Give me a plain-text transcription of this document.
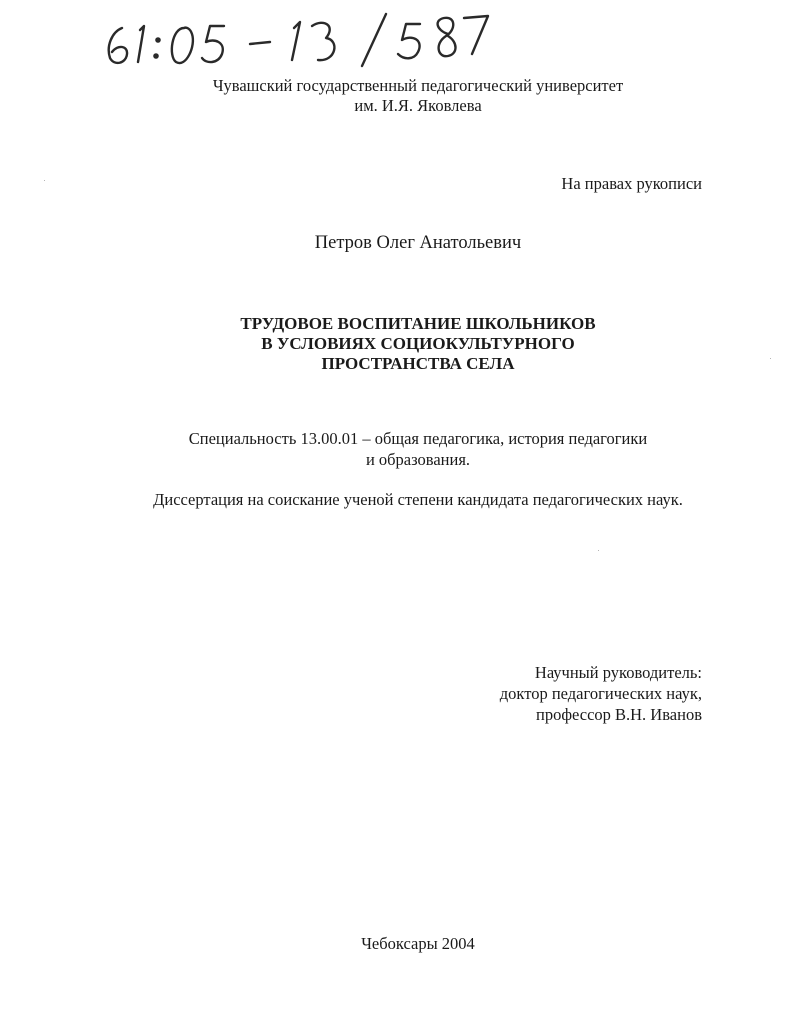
Чувашский государственный педагогический университет
им. И.Я. Яковлева
На правах рукописи
Петров Олег Анатольевич
ТРУДОВОЕ ВОСПИТАНИЕ ШКОЛЬНИКОВ
В УСЛОВИЯХ СОЦИОКУЛЬТУРНОГО
ПРОСТРАНСТВА СЕЛА
Специальность 13.00.01 – общая педагогика, история педагогики
и образования.
Диссертация на соискание ученой степени кандидата педагогических наук.
Научный руководитель:
доктор педагогических наук,
профессор В.Н. Иванов
Чебоксары 2004
